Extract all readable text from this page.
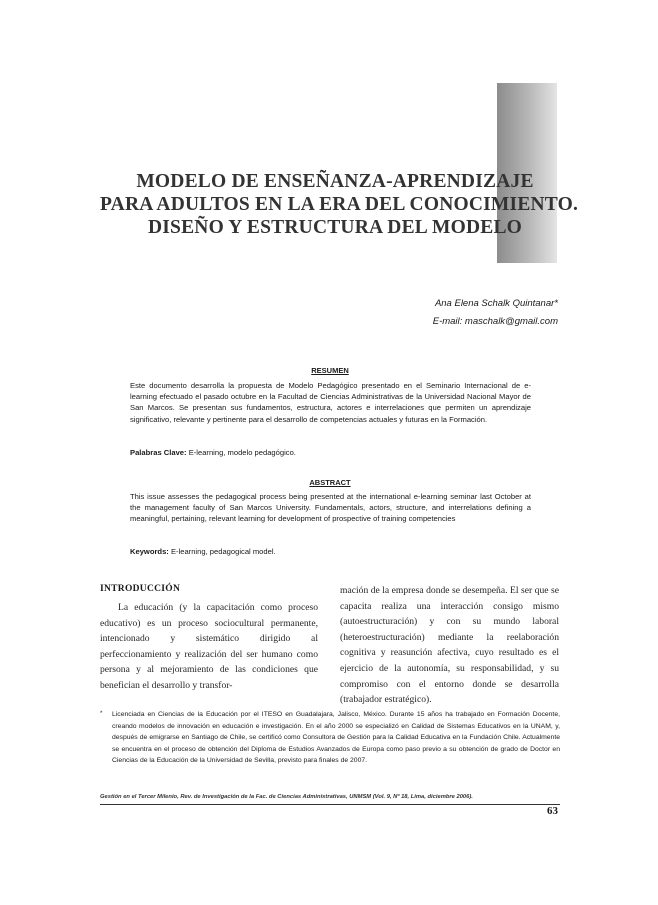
MODELO DE ENSEÑANZA-APRENDIZAJE
PARA ADULTOS EN LA ERA DEL CONOCIMIENTO.
DISEÑO Y ESTRUCTURA DEL MODELO
Ana Elena Schalk Quintanar*
E-mail: maschalk@gmail.com
RESUMEN
Este documento desarrolla la propuesta de Modelo Pedagógico presentado en el Seminario Internacional de e-learning efectuado el pasado octubre en la Facultad de Ciencias Administrativas de la Universidad Nacional Mayor de San Marcos. Se presentan sus fundamentos, estructura, actores e interrelaciones que permiten un aprendizaje significativo, relevante y pertinente para el desarrollo de competencias actuales y futuras en la Formación.
Palabras Clave: E-learning, modelo pedagógico.
ABSTRACT
This issue assesses the pedagogical process being presented at the international e-learning seminar last October at the management faculty of San Marcos University. Fundamentals, actors, structure, and interrelations defining a meaningful, pertaining, relevant learning for development of prospective of training competencies
Keywords: E-learning, pedagogical model.
INTRODUCCIÓN
La educación (y la capacitación como proceso educativo) es un proceso sociocultural permanente, intencionado y sistemático dirigido al perfeccionamiento y realización del ser humano como persona y al mejoramiento de las condiciones que benefician el desarrollo y transfor-
mación de la empresa donde se desempeña. El ser que se capacita realiza una interacción consigo mismo (autoestructuración) y con su mundo laboral (heteroestructuración) mediante la reelaboración cognitiva y reasunción afectiva, cuyo resultado es el ejercicio de la autonomía, su responsabilidad, y su compromiso con el entorno donde se desarrolla (trabajador estratégico).
* Licenciada en Ciencias de la Educación por el ITESO en Guadalajara, Jalisco, México. Durante 15 años ha trabajado en Formación Docente, creando modelos de innovación en educación e investigación. En el año 2000 se especializó en Calidad de Sistemas Educativos en la UNAM, y, después de emigrarse en Santiago de Chile, se certificó como Consultora de Gestión para la Calidad Educativa en la Fundación Chile. Actualmente se encuentra en el proceso de obtención del Diploma de Estudios Avanzados de Europa como paso previo a su obtención de grado de Doctor en Ciencias de la Educación de la Universidad de Sevilla, previsto para finales de 2007.
Gestión en el Tercer Milenio, Rev. de Investigación de la Fac. de Ciencias Administrativas, UNMSM (Vol. 9, Nº 18, Lima, diciembre 2006).
63
